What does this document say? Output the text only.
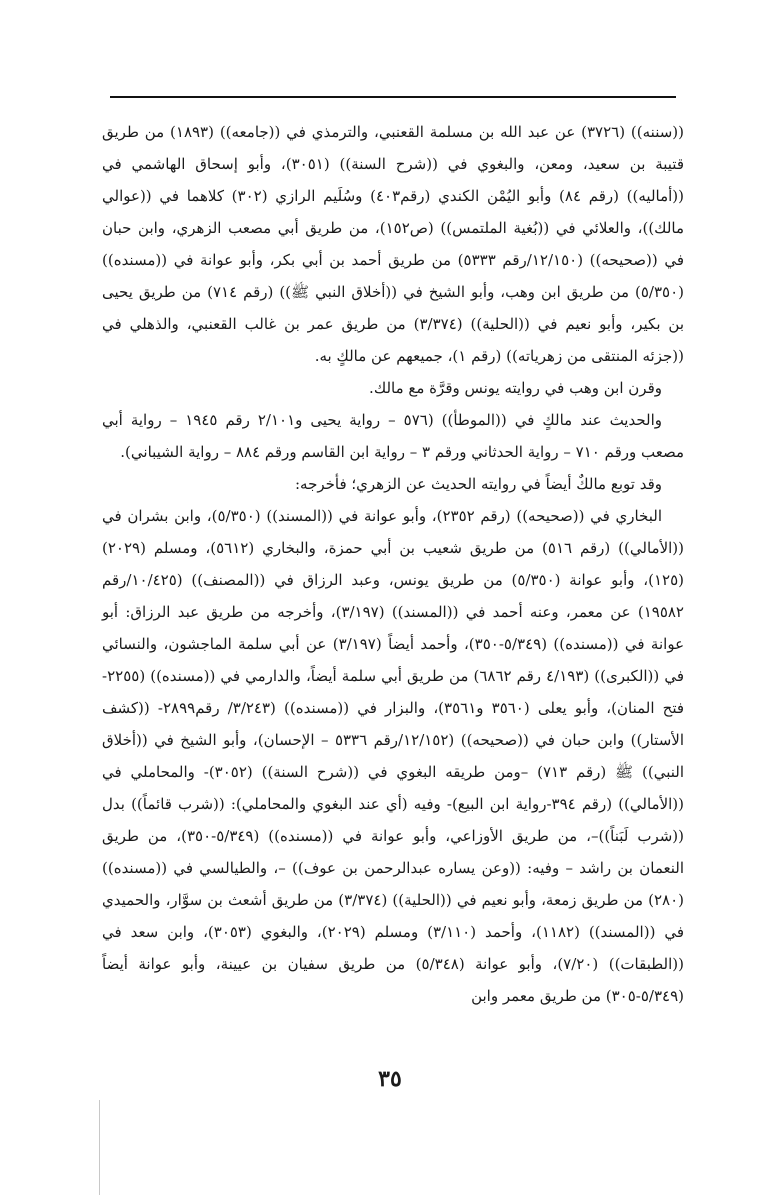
((سننه)) (٣٧٢٦) عن عبد الله بن مسلمة القعنبي، والترمذي في ((جامعه)) (١٨٩٣) من طريق قتيبة بن سعيد، ومعن، والبغوي في ((شرح السنة)) (٣٠٥١)، وأبو إسحاق الهاشمي في ((أماليه)) (رقم ٨٤) وأبو اليُمْن الكندي (رقم٤٠٣) وسُلَيم الرازي (٣٠٢) كلاهما في ((عوالي مالك))، والعلائي في ((بُغية الملتمس)) (ص١٥٢)، من طريق أبي مصعب الزهري، وابن حبان في ((صحيحه)) (١٢/١٥٠/رقم ٥٣٣٣) من طريق أحمد بن أبي بكر، وأبو عوانة في ((مسنده)) (٥/٣٥٠) من طريق ابن وهب، وأبو الشيخ في ((أخلاق النبي ﷺ)) (رقم ٧١٤) من طريق يحيى بن بكير، وأبو نعيم في ((الحلية)) (٣/٣٧٤) من طريق عمر بن غالب القعنبي، والذهلي في ((جزئه المنتقى من زهرياته)) (رقم ١)، جميعهم عن مالكٍ به.

وقرن ابن وهب في روايته يونس وقرَّة مع مالك.

والحديث عند مالكٍ في ((الموطأ)) (٥٧٦ – رواية يحيى و٢/١٠١ رقم ١٩٤٥ – رواية أبي مصعب ورقم ٧١٠ – رواية الحدثاني ورقم ٣ – رواية ابن القاسم ورقم ٨٨٤ – رواية الشيباني).

وقد توبع مالكٌ أيضاً في روايته الحديث عن الزهري؛ فأخرجه:

البخاري في ((صحيحه)) (رقم ٢٣٥٢)، وأبو عوانة في ((المسند)) (٥/٣٥٠)، وابن بشران في ((الأمالي)) (رقم ٥١٦) من طريق شعيب بن أبي حمزة، والبخاري (٥٦١٢)، ومسلم (٢٠٢٩) (١٢٥)، وأبو عوانة (٥/٣٥٠) من طريق يونس، وعبد الرزاق في ((المصنف)) (١٠/٤٢٥/رقم ١٩٥٨٢) عن معمر، وعنه أحمد في ((المسند)) (٣/١٩٧)، وأخرجه من طريق عبد الرزاق: أبو عوانة في ((مسنده)) (٥/٣٤٩-٣٥٠)، وأحمد أيضاً (٣/١٩٧) عن أبي سلمة الماجشون، والنسائي في ((الكبرى)) (٤/١٩٣ رقم ٦٨٦٢) من طريق أبي سلمة أيضاً، والدارمي في ((مسنده)) (٢٢٥٥- فتح المنان)، وأبو يعلى (٣٥٦٠ و٣٥٦١)، والبزار في ((مسنده)) (٣/٢٤٣/ رقم٢٨٩٩- ((كشف الأستار)) وابن حبان في ((صحيحه)) (١٢/١٥٢/رقم ٥٣٣٦ – الإحسان)، وأبو الشيخ في ((أخلاق النبي)) ﷺ (رقم ٧١٣) –ومن طريقه البغوي في ((شرح السنة)) (٣٠٥٢)- والمحاملي في ((الأمالي)) (رقم ٣٩٤-رواية ابن البيع)- وفيه (أي عند البغوي والمحاملي): ((شرب قائماً)) بدل ((شرب لَبَناً))–، من طريق الأوزاعي، وأبو عوانة في ((مسنده)) (٥/٣٤٩-٣٥٠)، من طريق النعمان بن راشد – وفيه: ((وعن يساره عبدالرحمن بن عوف)) –، والطيالسي في ((مسنده)) (٢٨٠) من طريق زمعة، وأبو نعيم في ((الحلية)) (٣/٣٧٤) من طريق أشعث بن سوَّار، والحميدي في ((المسند)) (١١٨٢)، وأحمد (٣/١١٠) ومسلم (٢٠٢٩)، والبغوي (٣٠٥٣)، وابن سعد في ((الطبقات)) (٧/٢٠)، وأبو عوانة (٥/٣٤٨) من طريق سفيان بن عيينة، وأبو عوانة أيضاً (٥/٣٤٩-٣٠٥) من طريق معمر وابن

٣٥
